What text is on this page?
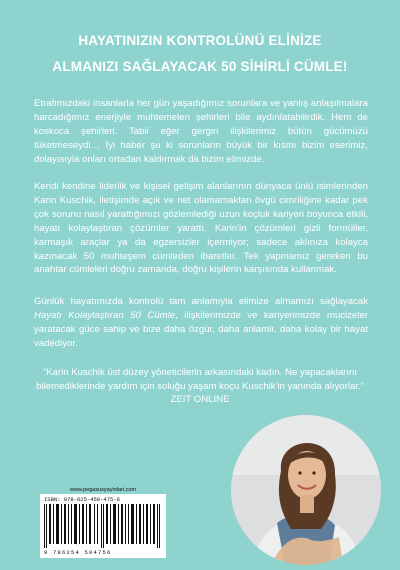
HAYATINIZIN KONTROLÜNÜ ELİNİZE
ALMANIZI SAĞLAYACAK 50 SİHİRLİ CÜMLE!
Etrafımızdaki insanlarla her gün yaşadığımız sorunlara ve yanlış anlaşılmalara harcadığımız enerjiyle muhtemelen şehirleri bile aydınlatabilirdik. Hem de koskoca şehirleri. Tabii eğer gergin ilişkilerimiz bütün gücümüzü tüketmeseydi… İyi haber şu ki sorunların büyük bir kısmı bizim eserimiz, dolayısıyla onları ortadan kaldırmak da bizim elimizde.
Kendi kendine liderlik ve kişisel gelişim alanlarının dünyaca ünlü isimlerinden Karin Kuschik, iletişimde açık ve net olamamaktan övgü cimriliğine kadar pek çok sorunu nasıl yarattığımızı gözlemlediği uzun koçluk kariyeri boyunca etkili, hayatı kolaylaştıran çözümler yarattı. Karin'in çözümleri gizli formüller, karmaşık araçlar ya da egzersizler içermiyor; sadece aklınıza kolayca kazınacak 50 muhteşem cümleden ibaretler. Tek yapmamız gereken bu anahtar cümleleri doğru zamanda, doğru kişilerin karşısında kullanmak.
Günlük hayatımızda kontrolü tam anlamıyla elimize almamızı sağlayacak Hayatı Kolaylaştıran 50 Cümle, ilişkilerimizde ve kariyerimizde mucizeler yaratacak güce sahip ve bize daha özgür, daha anlamlı, daha kolay bir hayat vadediyor.
“Karin Kuschik üst düzey yöneticilerin arkasındaki kadın. Ne yapacaklarını bilemediklerinde yardım için soluğu yaşam koçu Kuschik'in yanında alıyorlar.”
ZEIT ONLINE
www.pegasusyayinlari.com
ISBN: 978-625-450-475-6
9 786254 504756
